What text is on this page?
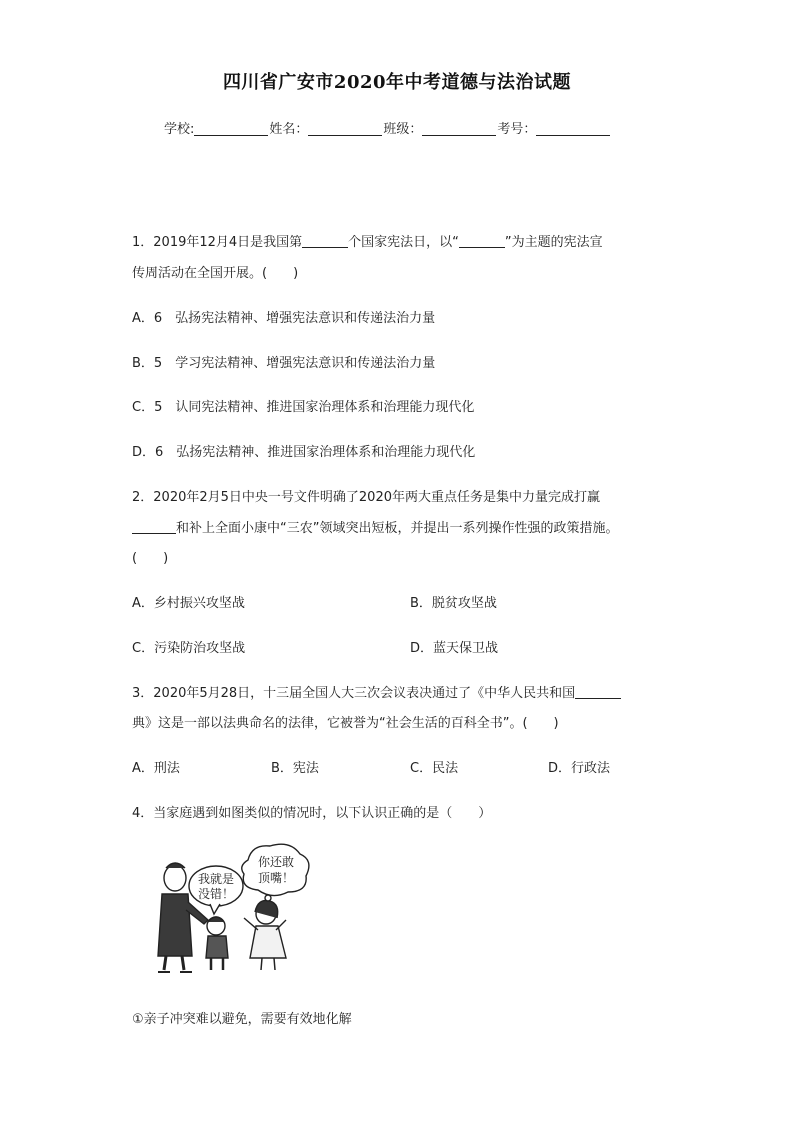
四川省广安市2020年中考道德与法治试题
学校:	姓名：	班级：	考号：
1．2019年12月4日是我国第	个国家宪法日，以“	”为主题的宪法宣
传周活动在全国开展。(　　)
A．6　弘扬宪法精神、增强宪法意识和传递法治力量
B．5　学习宪法精神、增强宪法意识和传递法治力量
C．5　认同宪法精神、推进国家治理体系和治理能力现代化
D．6　弘扬宪法精神、推进国家治理体系和治理能力现代化
2．2020年2月5日中央一号文件明确了2020年两大重点任务是集中力量完成打赢
和补上全面小康中“三农”领域突出短板，并提出一系列操作性强的政策措施。
(　　)
A．乡村振兴攻坚战	B．脱贫攻坚战
C．污染防治攻坚战	D．蓝天保卫战
3．2020年5月28日，十三届全国人大三次会议表决通过了《中华人民共和国
典》这是一部以法典命名的法律，它被誉为“社会生活的百科全书”。(　　)
A．刑法	B．宪法	C．民法	D．行政法
4．当家庭遇到如图类似的情况时，以下认识正确的是（　　）
我就是
没错！
你还敢
顶嘴！
①亲子冲突难以避免，需要有效地化解
